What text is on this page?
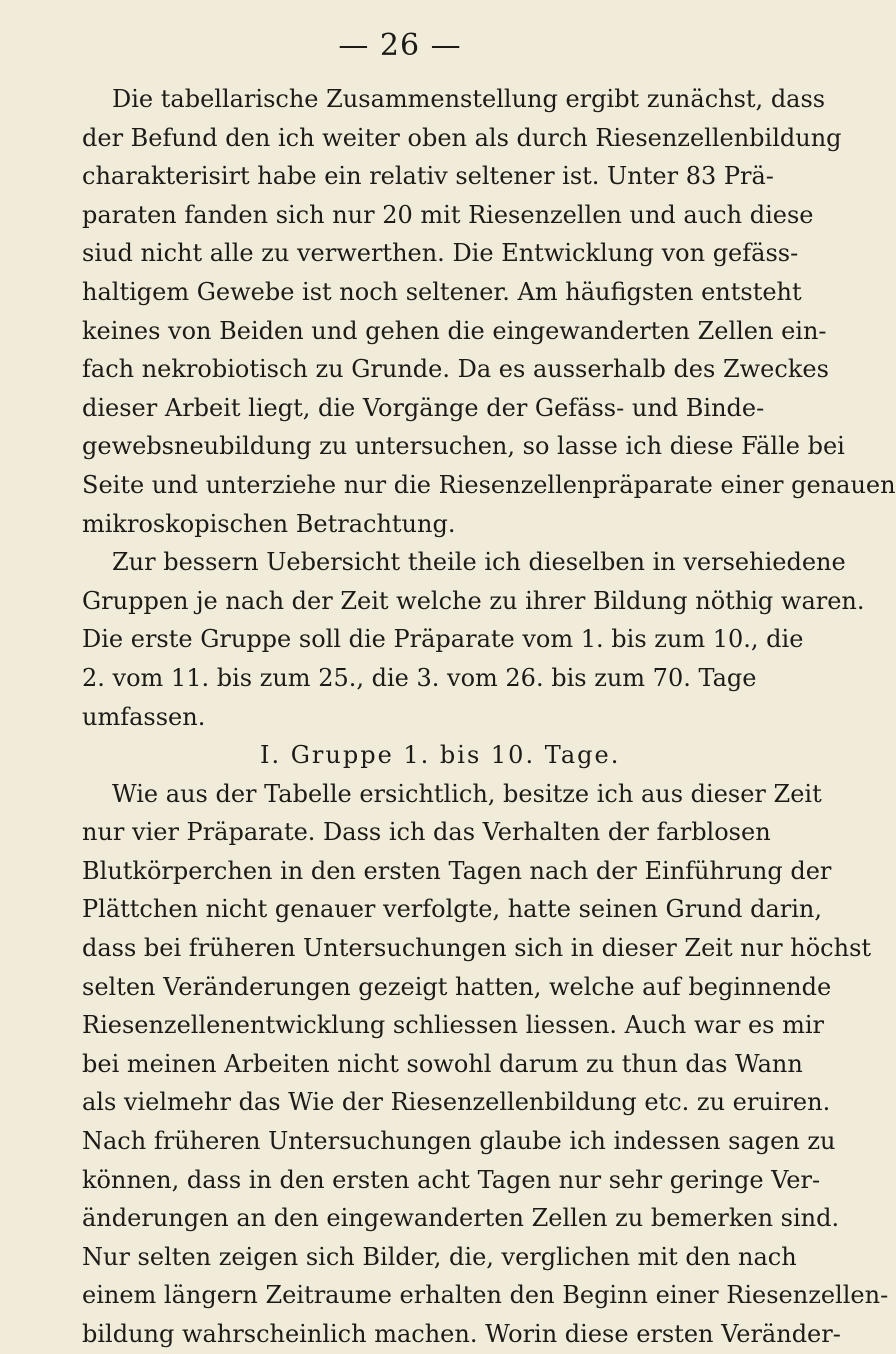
— 26 —
Die tabellarische Zusammenstellung ergibt zunächst, dass
der Befund den ich weiter oben als durch Riesenzellenbildung
charakterisirt habe ein relativ seltener ist. Unter 83 Prä-
paraten fanden sich nur 20 mit Riesenzellen und auch diese
siud nicht alle zu verwerthen. Die Entwicklung von gefäss-
haltigem Gewebe ist noch seltener. Am häufigsten entsteht
keines von Beiden und gehen die eingewanderten Zellen ein-
fach nekrobiotisch zu Grunde. Da es ausserhalb des Zweckes
dieser Arbeit liegt, die Vorgänge der Gefäss- und Binde-
gewebsneubildung zu untersuchen, so lasse ich diese Fälle bei
Seite und unterziehe nur die Riesenzellenpräparate einer genauen
mikroskopischen Betrachtung.
Zur bessern Uebersicht theile ich dieselben in versehiedene
Gruppen je nach der Zeit welche zu ihrer Bildung nöthig waren.
Die erste Gruppe soll die Präparate vom 1. bis zum 10., die
2. vom 11. bis zum 25., die 3. vom 26. bis zum 70. Tage
umfassen.
I. Gruppe 1. bis 10. Tage.
Wie aus der Tabelle ersichtlich, besitze ich aus dieser Zeit
nur vier Präparate. Dass ich das Verhalten der farblosen
Blutkörperchen in den ersten Tagen nach der Einführung der
Plättchen nicht genauer verfolgte, hatte seinen Grund darin,
dass bei früheren Untersuchungen sich in dieser Zeit nur höchst
selten Veränderungen gezeigt hatten, welche auf beginnende
Riesenzellenentwicklung schliessen liessen. Auch war es mir
bei meinen Arbeiten nicht sowohl darum zu thun das Wann
als vielmehr das Wie der Riesenzellenbildung etc. zu eruiren.
Nach früheren Untersuchungen glaube ich indessen sagen zu
können, dass in den ersten acht Tagen nur sehr geringe Ver-
änderungen an den eingewanderten Zellen zu bemerken sind.
Nur selten zeigen sich Bilder, die, verglichen mit den nach
einem längern Zeitraume erhalten den Beginn einer Riesenzellen-
bildung wahrscheinlich machen. Worin diese ersten Veränder-
